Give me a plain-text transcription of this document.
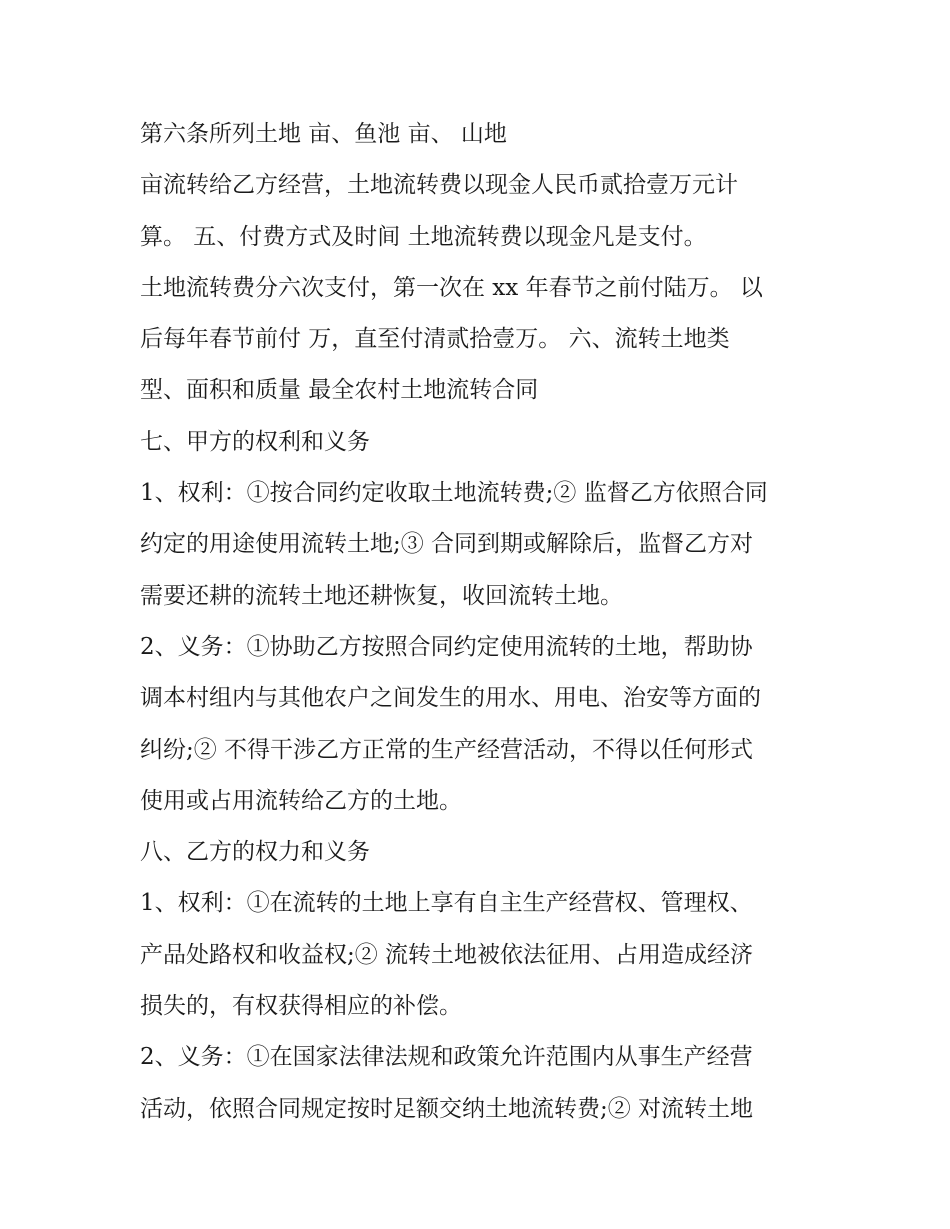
第六条所列土地 亩、鱼池 亩、 山地

亩流转给乙方经营，土地流转费以现金人民币贰拾壹万元计

算。 五、付费方式及时间 土地流转费以现金凡是支付。

土地流转费分六次支付，第一次在 xx 年春节之前付陆万。 以

后每年春节前付 万，直至付清贰拾壹万。 六、流转土地类

型、面积和质量 最全农村土地流转合同

七、甲方的权利和义务

1、权利：①按合同约定收取土地流转费;② 监督乙方依照合同

约定的用途使用流转土地;③ 合同到期或解除后，监督乙方对

需要还耕的流转土地还耕恢复，收回流转土地。

2、义务：①协助乙方按照合同约定使用流转的土地，帮助协

调本村组内与其他农户之间发生的用水、用电、治安等方面的

纠纷;② 不得干涉乙方正常的生产经营活动，不得以任何形式

使用或占用流转给乙方的土地。

八、乙方的权力和义务

1、权利：①在流转的土地上享有自主生产经营权、管理权、

产品处路权和收益权;② 流转土地被依法征用、占用造成经济

损失的，有权获得相应的补偿。

2、义务：①在国家法律法规和政策允许范围内从事生产经营

活动，依照合同规定按时足额交纳土地流转费;② 对流转土地
